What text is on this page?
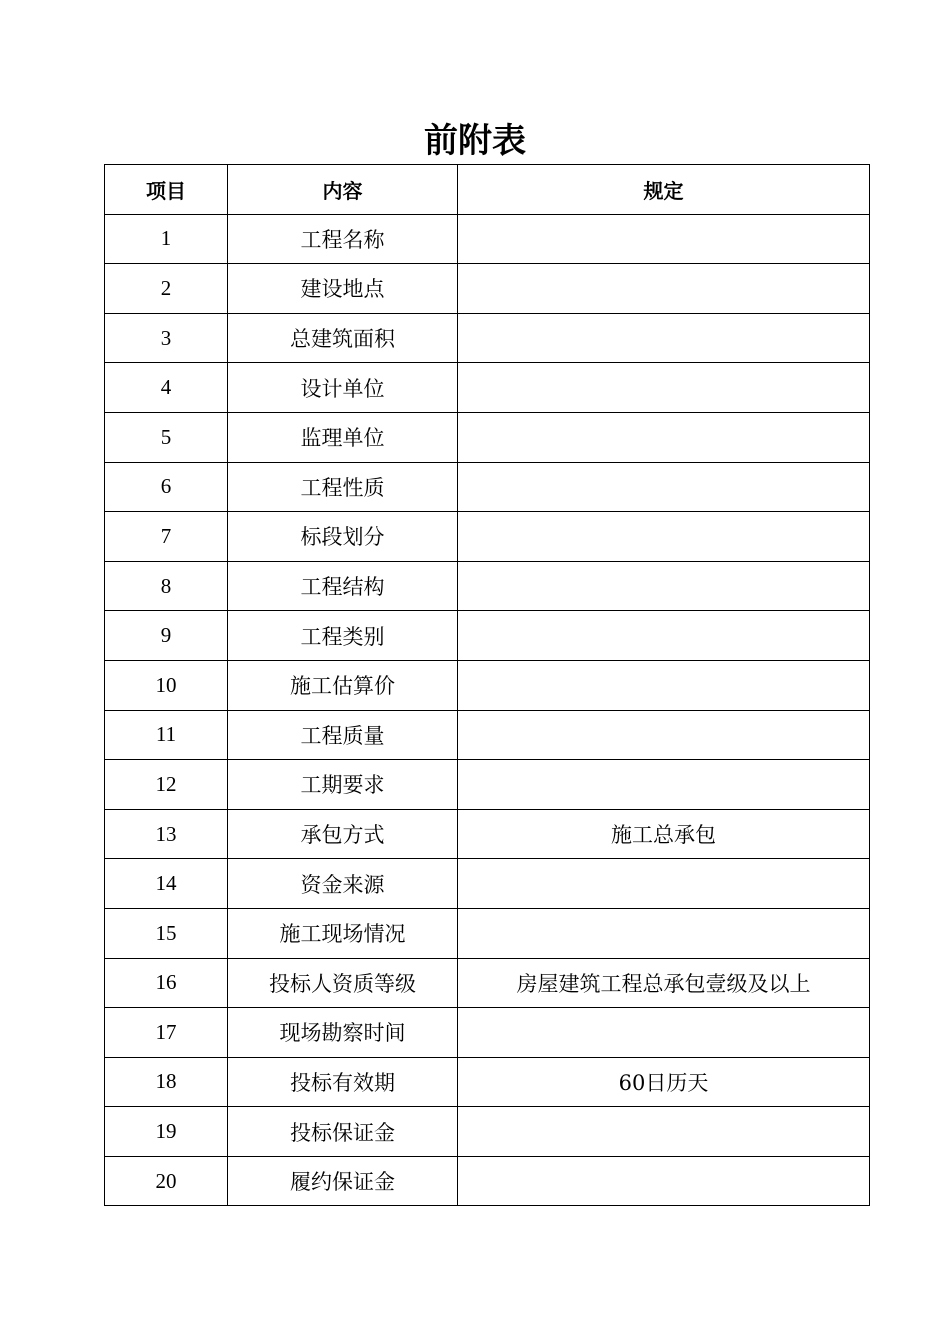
前附表
项目	内容	规定
1	工程名称	
2	建设地点	
3	总建筑面积	
4	设计单位	
5	监理单位	
6	工程性质	
7	标段划分	
8	工程结构	
9	工程类别	
10	施工估算价	
11	工程质量	
12	工期要求	
13	承包方式	施工总承包
14	资金来源	
15	施工现场情况	
16	投标人资质等级	房屋建筑工程总承包壹级及以上
17	现场勘察时间	
18	投标有效期	60日历天
19	投标保证金	
20	履约保证金	
